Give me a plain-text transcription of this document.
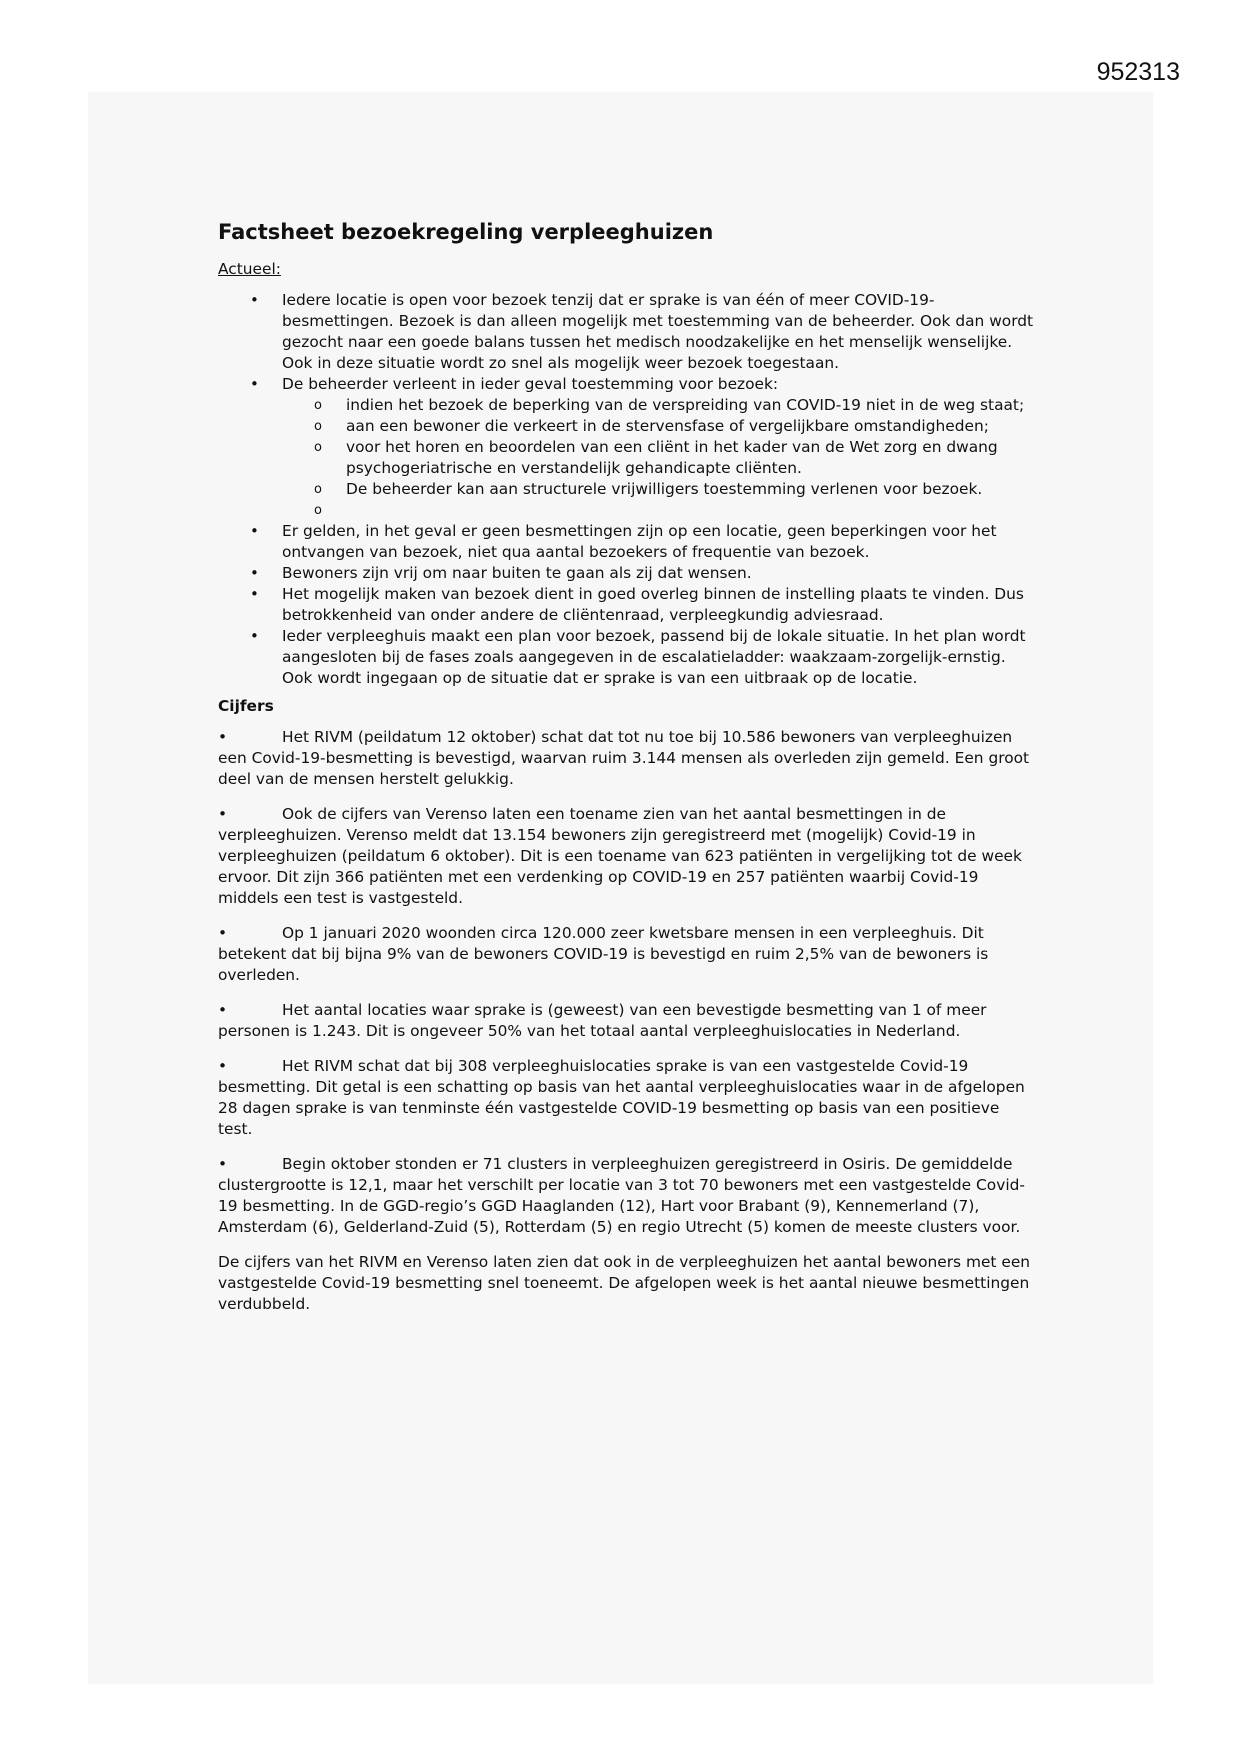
952313
Factsheet bezoekregeling verpleeghuizen
Actueel:
• Iedere locatie is open voor bezoek tenzij dat er sprake is van één of meer COVID-19-besmettingen. Bezoek is dan alleen mogelijk met toestemming van de beheerder. Ook dan wordt gezocht naar een goede balans tussen het medisch noodzakelijke en het menselijk wenselijke. Ook in deze situatie wordt zo snel als mogelijk weer bezoek toegestaan.
• De beheerder verleent in ieder geval toestemming voor bezoek:
o indien het bezoek de beperking van de verspreiding van COVID-19 niet in de weg staat;
o aan een bewoner die verkeert in de stervensfase of vergelijkbare omstandigheden;
o voor het horen en beoordelen van een cliënt in het kader van de Wet zorg en dwang psychogeriatrische en verstandelijk gehandicapte cliënten.
o De beheerder kan aan structurele vrijwilligers toestemming verlenen voor bezoek.
o
• Er gelden, in het geval er geen besmettingen zijn op een locatie, geen beperkingen voor het ontvangen van bezoek, niet qua aantal bezoekers of frequentie van bezoek.
• Bewoners zijn vrij om naar buiten te gaan als zij dat wensen.
• Het mogelijk maken van bezoek dient in goed overleg binnen de instelling plaats te vinden. Dus betrokkenheid van onder andere de cliëntenraad, verpleegkundig adviesraad.
• Ieder verpleeghuis maakt een plan voor bezoek, passend bij de lokale situatie. In het plan wordt aangesloten bij de fases zoals aangegeven in de escalatieladder: waakzaam-zorgelijk-ernstig. Ook wordt ingegaan op de situatie dat er sprake is van een uitbraak op de locatie.
Cijfers

•	Het RIVM (peildatum 12 oktober) schat dat tot nu toe bij 10.586 bewoners van verpleeghuizen een Covid-19-besmetting is bevestigd, waarvan ruim 3.144 mensen als overleden zijn gemeld. Een groot deel van de mensen herstelt gelukkig.

•	Ook de cijfers van Verenso laten een toename zien van het aantal besmettingen in de verpleeghuizen. Verenso meldt dat 13.154 bewoners zijn geregistreerd met (mogelijk) Covid-19 in verpleeghuizen (peildatum 6 oktober). Dit is een toename van 623 patiënten in vergelijking tot de week ervoor. Dit zijn 366 patiënten met een verdenking op COVID-19 en 257 patiënten waarbij Covid-19 middels een test is vastgesteld.

•	Op 1 januari 2020 woonden circa 120.000 zeer kwetsbare mensen in een verpleeghuis. Dit betekent dat bij bijna 9% van de bewoners COVID-19 is bevestigd en ruim 2,5% van de bewoners is overleden.

•	Het aantal locaties waar sprake is (geweest) van een bevestigde besmetting van 1 of meer personen is 1.243. Dit is ongeveer 50% van het totaal aantal verpleeghuislocaties in Nederland.

•	Het RIVM schat dat bij 308 verpleeghuislocaties sprake is van een vastgestelde Covid-19 besmetting. Dit getal is een schatting op basis van het aantal verpleeghuislocaties waar in de afgelopen 28 dagen sprake is van tenminste één vastgestelde COVID-19 besmetting op basis van een positieve test.

•	Begin oktober stonden er 71 clusters in verpleeghuizen geregistreerd in Osiris. De gemiddelde clustergrootte is 12,1, maar het verschilt per locatie van 3 tot 70 bewoners met een vastgestelde Covid-19 besmetting. In de GGD-regio’s GGD Haaglanden (12), Hart voor Brabant (9), Kennemerland (7), Amsterdam (6), Gelderland-Zuid (5), Rotterdam (5) en regio Utrecht (5) komen de meeste clusters voor.

De cijfers van het RIVM en Verenso laten zien dat ook in de verpleeghuizen het aantal bewoners met een vastgestelde Covid-19 besmetting snel toeneemt. De afgelopen week is het aantal nieuwe besmettingen verdubbeld.
